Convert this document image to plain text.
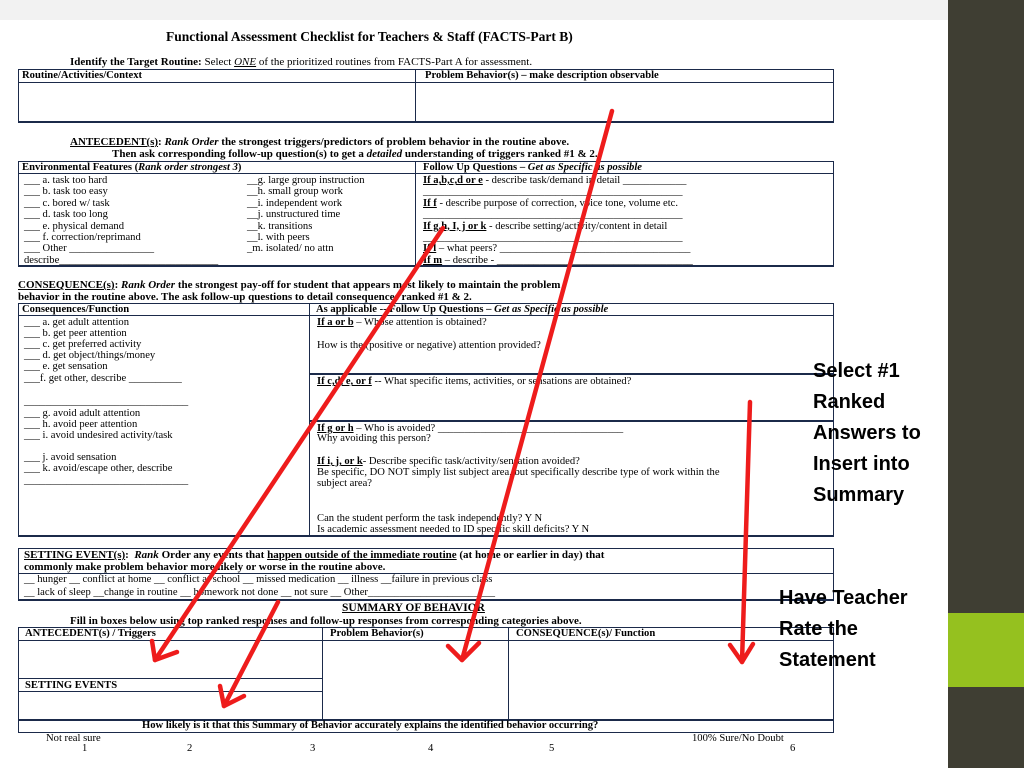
Functional Assessment Checklist for Teachers & Staff (FACTS-Part B)
Identify the Target Routine: Select ONE of the prioritized routines from FACTS-Part A for assessment.
Routine/Activities/Context	Problem Behavior(s) – make description observable
ANTECEDENT(s): Rank Order the strongest triggers/predictors of problem behavior in the routine above.
Then ask corresponding follow-up question(s) to get a detailed understanding of triggers ranked #1 & 2.
Environmental Features (Rank order strongest 3)	Follow Up Questions – Get as Specific as possible
___ a. task too hard
___ b. task too easy
___ c. bored w/ task
___ d. task too long
___ e. physical demand
___ f. correction/reprimand
___ Other ________________
describe______________________________
__g. large group instruction
__h. small group work
__i. independent work
__j. unstructured time
__k. transitions
__l. with peers
_m. isolated/ no attn
If a,b,c,d or e - describe task/demand in detail ____________
_________________________________________________
If f - describe purpose of correction, voice tone, volume etc.
_________________________________________________
If g,h, I, j or k - describe setting/activity/content in detail
_________________________________________________
If l – what peers? ____________________________________
If m – describe - _____________________________________
CONSEQUENCE(s): Rank Order the strongest pay-off for student that appears most likely to maintain the problem
behavior in the routine above. The ask follow-up questions to detail consequences ranked #1 & 2.
Consequences/Function	As applicable -- Follow Up Questions – Get as Specific as possible
___ a. get adult attention
___ b. get peer attention
___ c. get preferred activity
___ d. get object/things/money
___ e. get sensation
___f. get other, describe __________
_______________________________
___ g. avoid adult attention
___ h. avoid peer attention
___ i. avoid undesired activity/task
___ j. avoid sensation
___ k. avoid/escape other, describe
_______________________________
If a or b – Whose attention is obtained?
How is the (positive or negative) attention provided?
If c,d, e, or f -- What specific items, activities, or sensations are obtained?
If g or h – Who is avoided? ___________________________________
Why avoiding this person?
If i, j, or k- Describe specific task/activity/sensation avoided?
Be specific, DO NOT simply list subject area, but specifically describe type of work within the
subject area?
Can the student perform the task independently? Y N
Is academic assessment needed to ID specific skill deficits? Y N
SETTING EVENT(s): Rank Order any events that happen outside of the immediate routine (at home or earlier in day) that
commonly make problem behavior more likely or worse in the routine above.
__ hunger __ conflict at home __ conflict at school __ missed medication __ illness __failure in previous class
__ lack of sleep __change in routine __ homework not done __ not sure __ Other________________________
SUMMARY OF BEHAVIOR
Fill in boxes below using top ranked responses and follow-up responses from corresponding categories above.
ANTECEDENT(s) / Triggers	Problem Behavior(s)	CONSEQUENCE(s)/ Function
SETTING EVENTS
How likely is it that this Summary of Behavior accurately explains the identified behavior occurring?
Not real sure	100% Sure/No Doubt
1	2	3	4	5	6
Select #1
Ranked
Answers to
Insert into
Summary
Have Teacher
Rate the
Statement
